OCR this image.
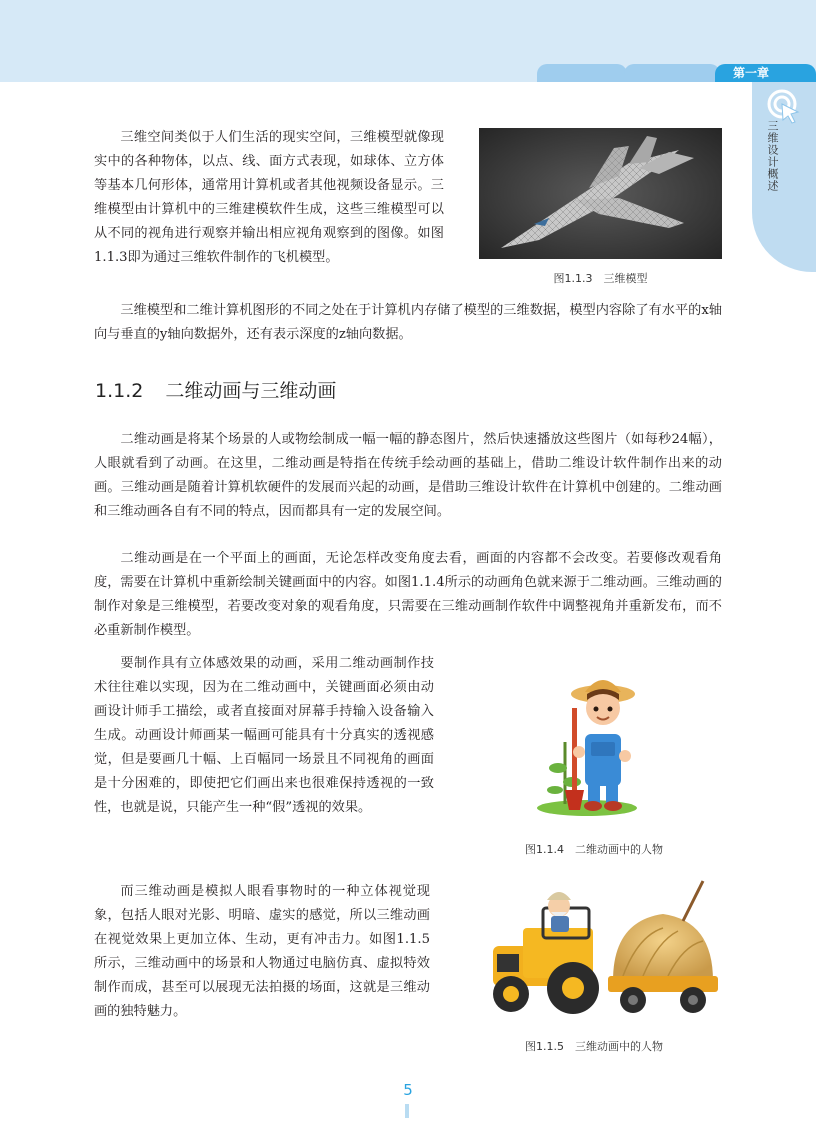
第一章
三维设计概述

三维空间类似于人们生活的现实空间，三维模型就像现实中的各种物体，以点、线、面方式表现，如球体、立方体等基本几何形体，通常用计算机或者其他视频设备显示。三维模型由计算机中的三维建模软件生成，这些三维模型可以从不同的视角进行观察并输出相应视角观察到的图像。如图1.1.3即为通过三维软件制作的飞机模型。

图1.1.3　三维模型

三维模型和二维计算机图形的不同之处在于计算机内存储了模型的三维数据，模型内容除了有水平的x轴向与垂直的y轴向数据外，还有表示深度的z轴向数据。

1.1.2 二维动画与三维动画

二维动画是将某个场景的人或物绘制成一幅一幅的静态图片，然后快速播放这些图片（如每秒24幅），人眼就看到了动画。在这里，二维动画是特指在传统手绘动画的基础上，借助二维设计软件制作出来的动画。三维动画是随着计算机软硬件的发展而兴起的动画，是借助三维设计软件在计算机中创建的。二维动画和三维动画各自有不同的特点，因而都具有一定的发展空间。

二维动画是在一个平面上的画面，无论怎样改变角度去看，画面的内容都不会改变。若要修改观看角度，需要在计算机中重新绘制关键画面中的内容。如图1.1.4所示的动画角色就来源于二维动画。三维动画的制作对象是三维模型，若要改变对象的观看角度，只需要在三维动画制作软件中调整视角并重新发布，而不必重新制作模型。

要制作具有立体感效果的动画，采用二维动画制作技术往往难以实现，因为在二维动画中，关键画面必须由动画设计师手工描绘，或者直接面对屏幕手持输入设备输入生成。动画设计师画某一幅画可能具有十分真实的透视感觉，但是要画几十幅、上百幅同一场景且不同视角的画面是十分困难的，即使把它们画出来也很难保持透视的一致性，也就是说，只能产生一种“假”透视的效果。

图1.1.4　二维动画中的人物

而三维动画是模拟人眼看事物时的一种立体视觉现象，包括人眼对光影、明暗、虚实的感觉，所以三维动画在视觉效果上更加立体、生动，更有冲击力。如图1.1.5所示，三维动画中的场景和人物通过电脑仿真、虚拟特效制作而成，甚至可以展现无法拍摄的场面，这就是三维动画的独特魅力。

图1.1.5　三维动画中的人物
5
